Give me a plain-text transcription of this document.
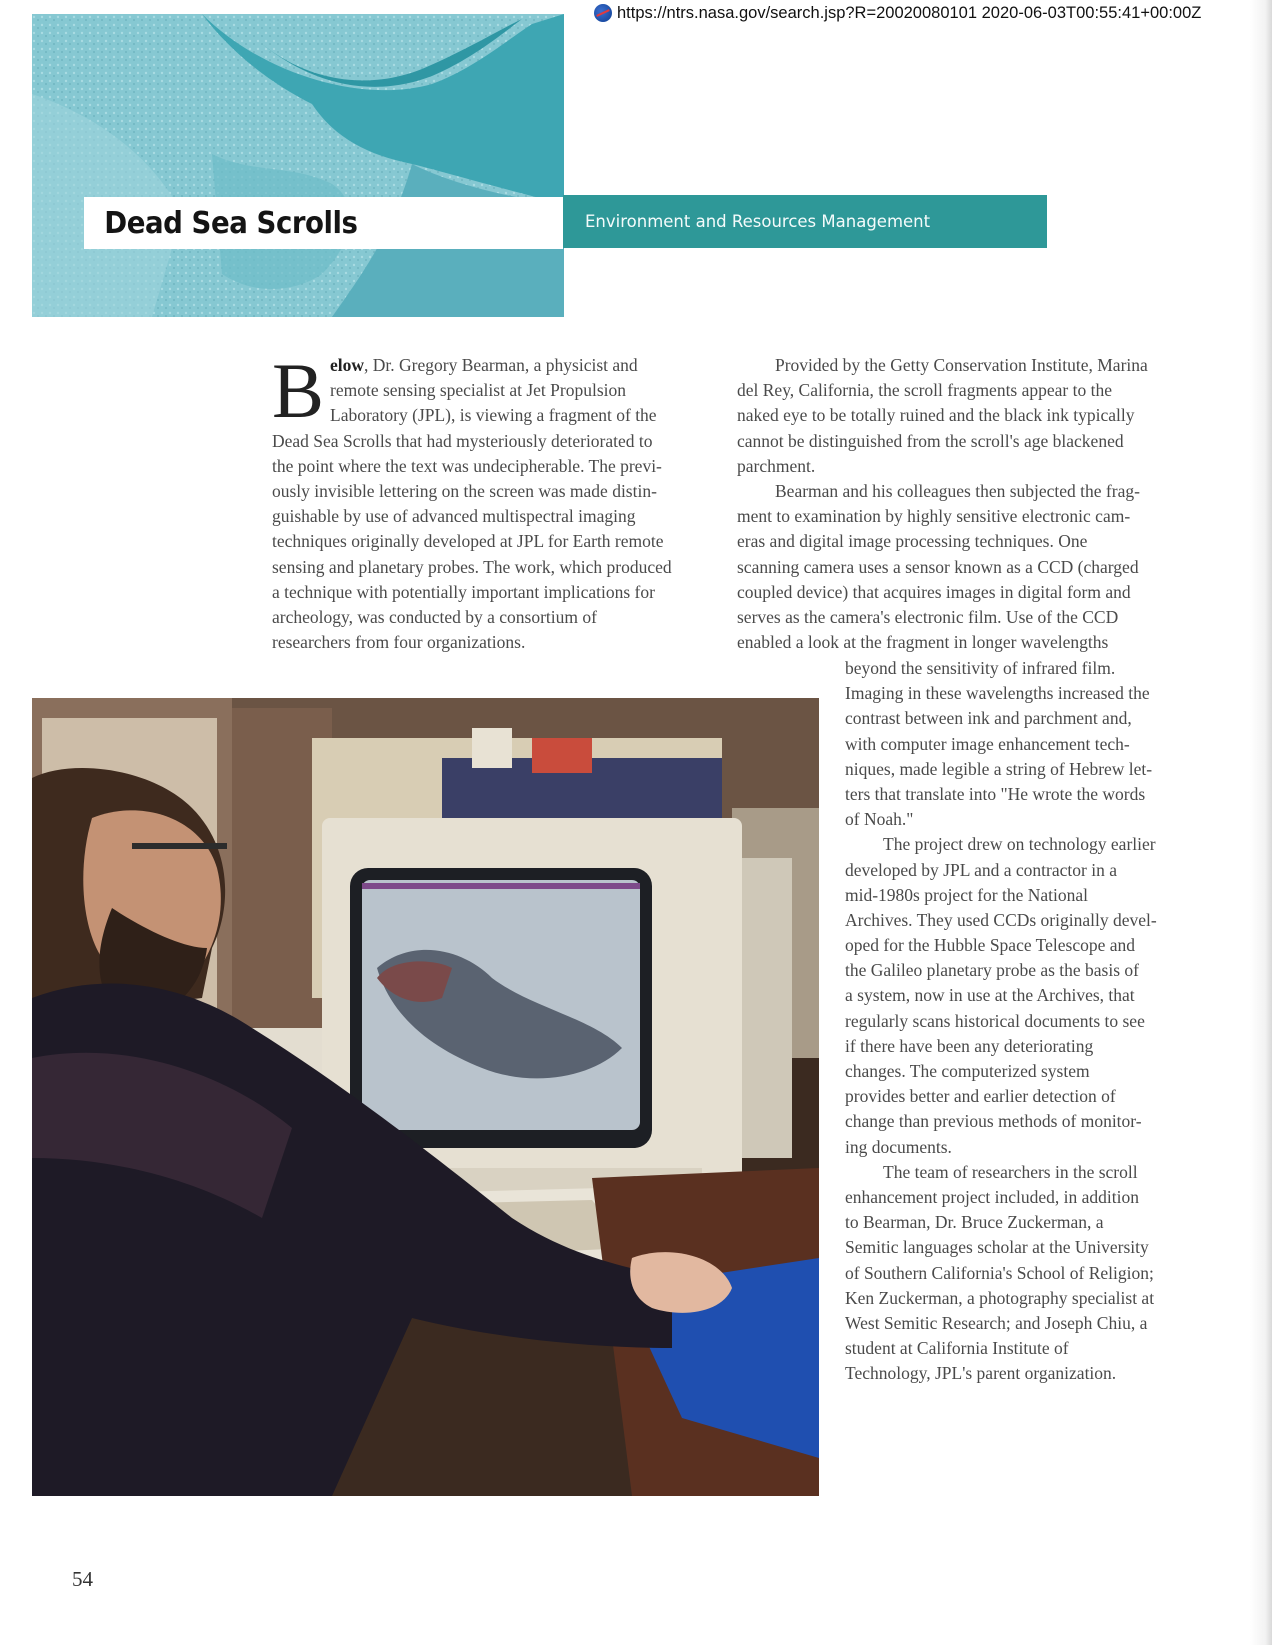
https://ntrs.nasa.gov/search.jsp?R=20020080101 2020-06-03T00:55:41+00:00Z
Dead Sea Scrolls	Environment and Resources Management
B elow, Dr. Gregory Bearman, a physicist and
remote sensing specialist at Jet Propulsion
Laboratory (JPL), is viewing a fragment of the
Dead Sea Scrolls that had mysteriously deteriorated to
the point where the text was undecipherable. The previ-
ously invisible lettering on the screen was made distin-
guishable by use of advanced multispectral imaging
techniques originally developed at JPL for Earth remote
sensing and planetary probes. The work, which produced
a technique with potentially important implications for
archeology, was conducted by a consortium of
researchers from four organizations.
Provided by the Getty Conservation Institute, Marina
del Rey, California, the scroll fragments appear to the
naked eye to be totally ruined and the black ink typically
cannot be distinguished from the scroll's age blackened
parchment.
Bearman and his colleagues then subjected the frag-
ment to examination by highly sensitive electronic cam-
eras and digital image processing techniques. One
scanning camera uses a sensor known as a CCD (charged
coupled device) that acquires images in digital form and
serves as the camera's electronic film. Use of the CCD
enabled a look at the fragment in longer wavelengths
beyond the sensitivity of infrared film.
Imaging in these wavelengths increased the
contrast between ink and parchment and,
with computer image enhancement tech-
niques, made legible a string of Hebrew let-
ters that translate into "He wrote the words
of Noah."
The project drew on technology earlier
developed by JPL and a contractor in a
mid-1980s project for the National
Archives. They used CCDs originally devel-
oped for the Hubble Space Telescope and
the Galileo planetary probe as the basis of
a system, now in use at the Archives, that
regularly scans historical documents to see
if there have been any deteriorating
changes. The computerized system
provides better and earlier detection of
change than previous methods of monitor-
ing documents.
The team of researchers in the scroll
enhancement project included, in addition
to Bearman, Dr. Bruce Zuckerman, a
Semitic languages scholar at the University
of Southern California's School of Religion;
Ken Zuckerman, a photography specialist at
West Semitic Research; and Joseph Chiu, a
student at California Institute of
Technology, JPL's parent organization.
54
